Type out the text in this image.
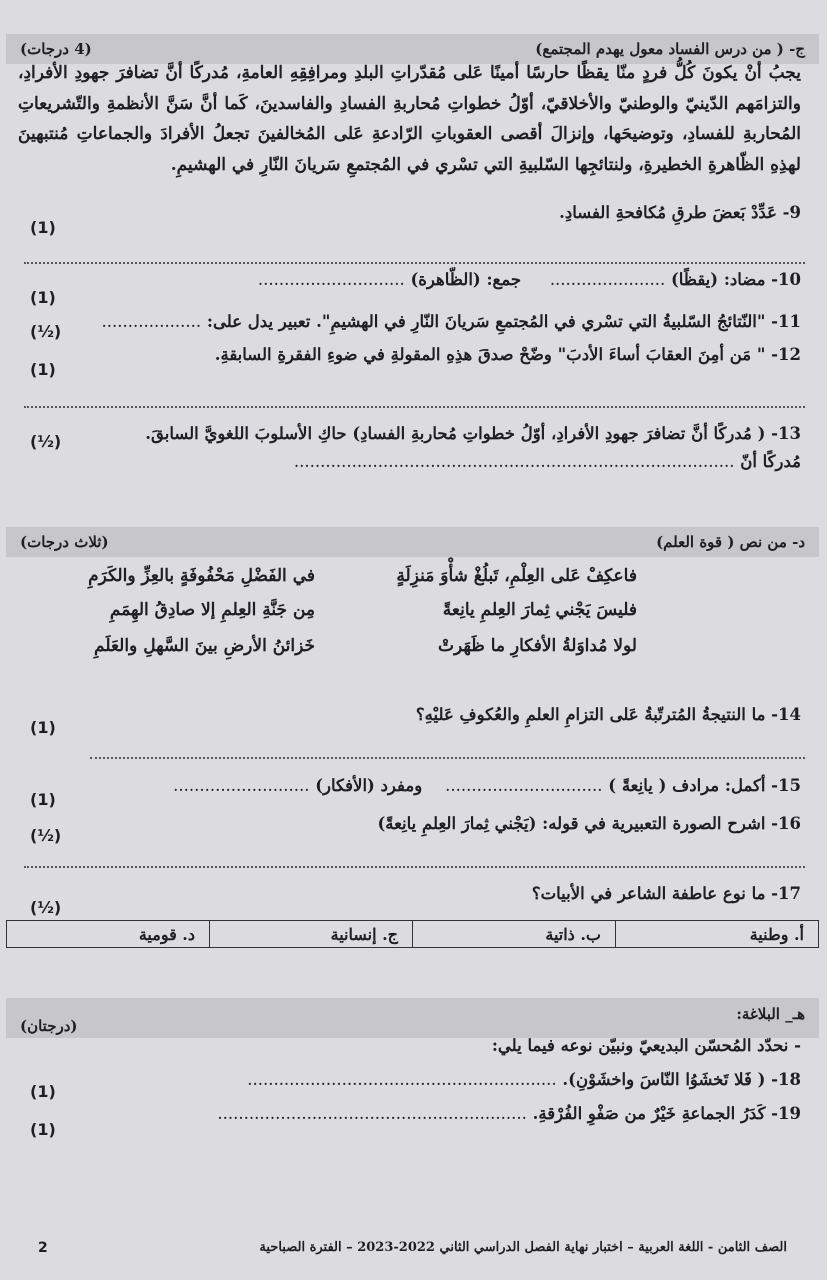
(4 درجات)	ج- ( من درس الفساد معول يهدم المجتمع)
يجبُ أنْ يكونَ كُلُّ فردٍ منّا يقظًا حارسًا أمينًا عَلى مُقدّراتِ البلدِ ومرافِقِهِ العامةِ، مُدركًا أنَّ تضافرَ جهودِ الأفرادِ، والتزامَهم الدّينيّ والوطنيّ والأخلاقيّ، أوّلُ خطواتِ مُحاربةِ الفسادِ والفاسدينَ، كَما أنَّ سَنَّ الأنظمةِ والتّشريعاتِ المُحاربةِ للفسادِ، وتوضيحَها، وإنزالَ أقصى العقوباتِ الرّادعةِ عَلى المُخالفينَ تجعلُ الأفرادَ والجماعاتِ مُنتبهينَ لهذِهِ الظّاهرةِ الخطيرةِ، ولنتائجِها السّلبيةِ التي تسْري في المُجتمعِ سَريانَ النّارِ في الهشيمِ.
9- عَدِّدْ بَعضَ طرقِ مُكافحةِ الفسادِ.
(1)
10- مضاد: (يقظًا) ......................     جمع: (الظّاهرة) ............................
(1)
11- "النّتائجُ السّلبيةُ التي تسْري في المُجتمعِ سَريانَ النّارِ في الهشيمِ". تعبير يدل على: ...................
(½)
12- " مَن أمِنَ العقابَ أساءَ الأدبَ" وضّحْ صدقَ هذِهِ المقولةِ في ضوءِ الفقرةِ السابقةِ.
(1)
13- ( مُدركًا أنَّ تضافرَ جهودِ الأفرادِ، أوّلُ خطواتِ مُحاربةِ الفسادِ) حاكِ الأسلوبَ اللغويَّ السابقَ.
(½)
مُدركًا أنّ ....................................................................................
(ثلاث درجات)	د- من نص ( قوة العلم)
فاعكِفْ عَلى العِلْمِ، تَبلُغْ شأْوَ مَنزِلَةٍ
في الفَضْلِ مَحْفُوفَةٍ بالعِزِّ والكَرَمِ
فليسَ يَجْني ثِمارَ العِلمِ يانِعةً
مِن جَنَّةِ العِلمِ إلا صادِقُ الهِمَمِ
لولا مُداوَلةُ الأفكارِ ما ظَهَرتْ
خَزائنُ الأرضِ بينَ السَّهلِ والعَلَمِ
14- ما النتيجةُ المُترتّبةُ عَلى التزامِ العلمِ والعُكوفِ عَليْهِ؟
(1)
15- أكمل: مرادف ( يانِعةً ) ..............................    ومفرد (الأفكار) ..........................
(1)
16- اشرح الصورة التعبيرية في قوله: (يَجْني ثِمارَ العِلمِ يانِعةً)
(½)
17- ما نوع عاطفة الشاعر في الأبيات؟
(½)
أ. وطنية
ب. ذاتية
ج. إنسانية
د. قومية
(درجتان)
هـ_ البلاغة:
- نحدّد المُحسّن البديعيّ ونبيّن نوعه فيما يلي:
18- ( فَلا تَخشَوُا النّاسَ واخشَوْنِ). ...........................................................
(1)
19- كَدَرُ الجماعةِ خَيْرٌ من صَفْوِ الفُرْقةِ. ...........................................................
(1)
الصف الثامن - اللغة العربية – اختبار نهاية الفصل الدراسي الثاني 2022-2023 – الفترة الصباحية
2
